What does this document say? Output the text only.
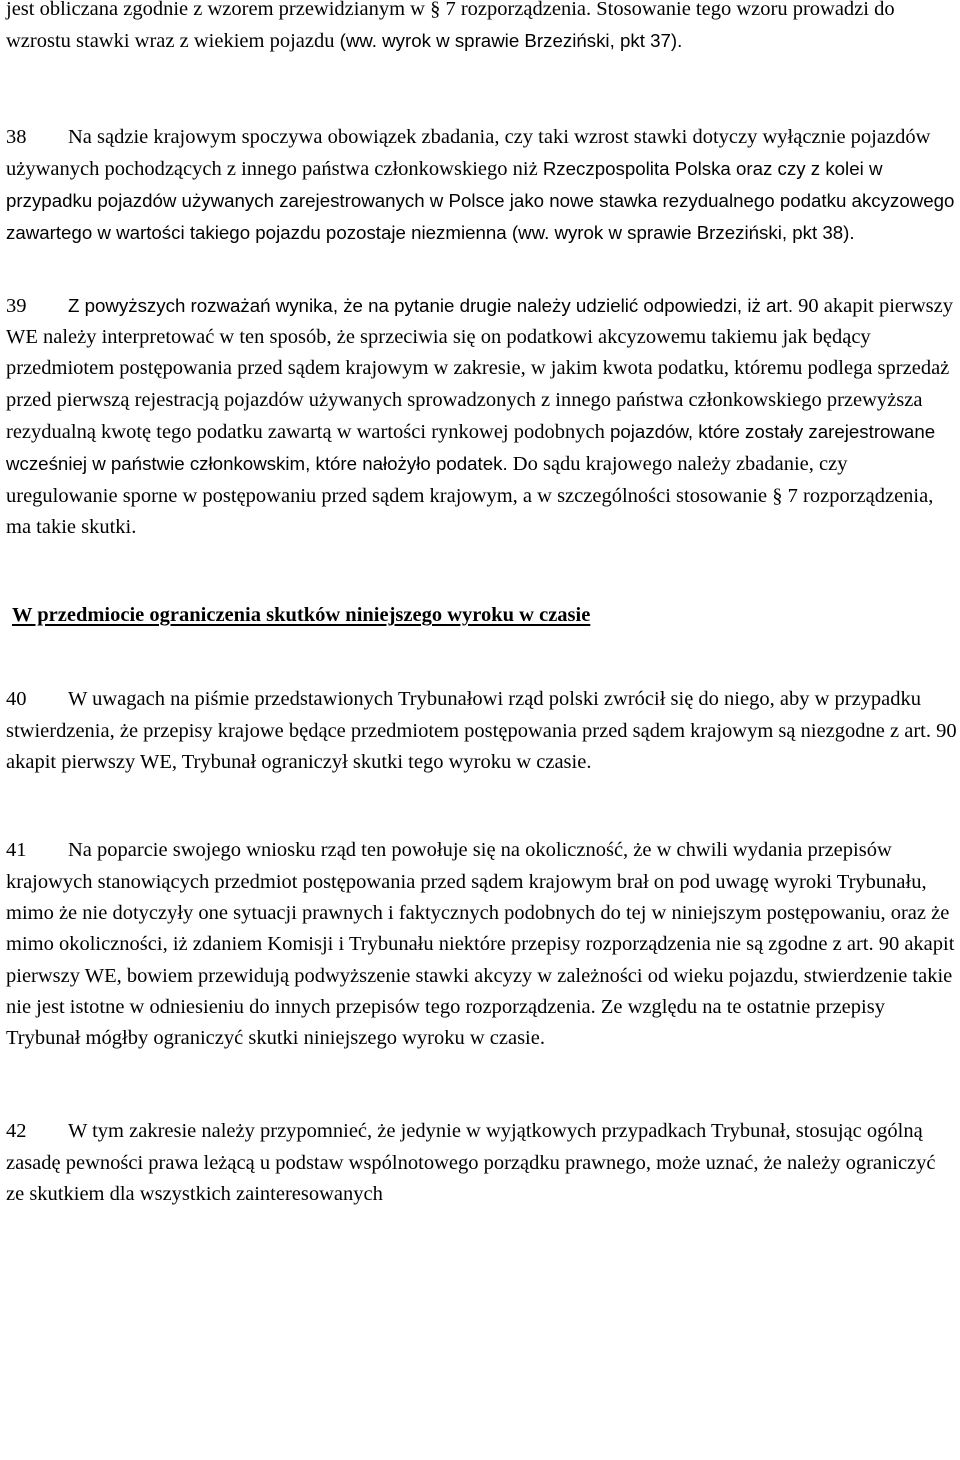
jest obliczana zgodnie z wzorem przewidzianym w § 7 rozporządzenia. Stosowanie tego wzoru prowadzi do wzrostu stawki wraz z wiekiem pojazdu (ww. wyrok w sprawie Brzeziński, pkt 37).

38 Na sądzie krajowym spoczywa obowiązek zbadania, czy taki wzrost stawki dotyczy wyłącznie pojazdów używanych pochodzących z innego państwa członkowskiego niż Rzeczpospolita Polska oraz czy z kolei w przypadku pojazdów używanych zarejestrowanych w Polsce jako nowe stawka rezydualnego podatku akcyzowego zawartego w wartości takiego pojazdu pozostaje niezmienna (ww. wyrok w sprawie Brzeziński, pkt 38).

39 Z powyższych rozważań wynika, że na pytanie drugie należy udzielić odpowiedzi, iż art. 90 akapit pierwszy WE należy interpretować w ten sposób, że sprzeciwia się on podatkowi akcyzowemu takiemu jak będący przedmiotem postępowania przed sądem krajowym w zakresie, w jakim kwota podatku, któremu podlega sprzedaż przed pierwszą rejestracją pojazdów używanych sprowadzonych z innego państwa członkowskiego przewyższa rezydualną kwotę tego podatku zawartą w wartości rynkowej podobnych pojazdów, które zostały zarejestrowane wcześniej w państwie członkowskim, które nałożyło podatek. Do sądu krajowego należy zbadanie, czy uregulowanie sporne w postępowaniu przed sądem krajowym, a w szczególności stosowanie § 7 rozporządzenia, ma takie skutki.

W przedmiocie ograniczenia skutków niniejszego wyroku w czasie

40 W uwagach na piśmie przedstawionych Trybunałowi rząd polski zwrócił się do niego, aby w przypadku stwierdzenia, że przepisy krajowe będące przedmiotem postępowania przed sądem krajowym są niezgodne z art. 90 akapit pierwszy WE, Trybunał ograniczył skutki tego wyroku w czasie.

41 Na poparcie swojego wniosku rząd ten powołuje się na okoliczność, że w chwili wydania przepisów krajowych stanowiących przedmiot postępowania przed sądem krajowym brał on pod uwagę wyroki Trybunału, mimo że nie dotyczyły one sytuacji prawnych i faktycznych podobnych do tej w niniejszym postępowaniu, oraz że mimo okoliczności, iż zdaniem Komisji i Trybunału niektóre przepisy rozporządzenia nie są zgodne z art. 90 akapit pierwszy WE, bowiem przewidują podwyższenie stawki akcyzy w zależności od wieku pojazdu, stwierdzenie takie nie jest istotne w odniesieniu do innych przepisów tego rozporządzenia. Ze względu na te ostatnie przepisy Trybunał mógłby ograniczyć skutki niniejszego wyroku w czasie.

42 W tym zakresie należy przypomnieć, że jedynie w wyjątkowych przypadkach Trybunał, stosując ogólną zasadę pewności prawa leżącą u podstaw wspólnotowego porządku prawnego, może uznać, że należy ograniczyć ze skutkiem dla wszystkich zainteresowanych
